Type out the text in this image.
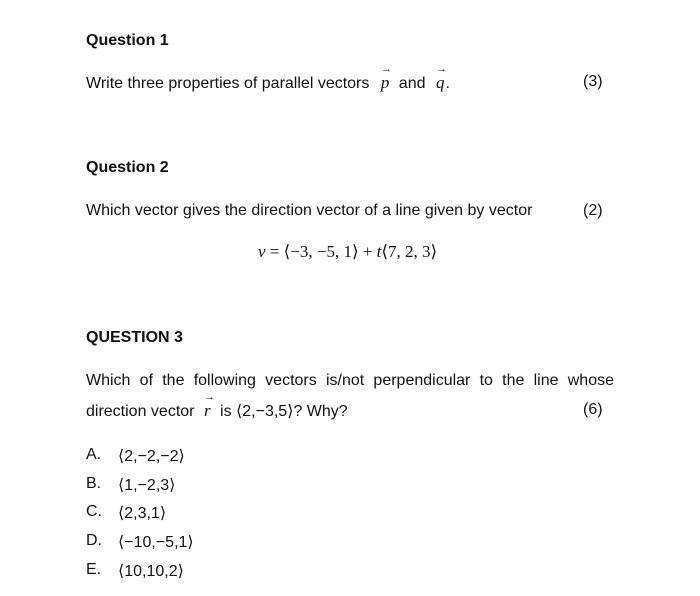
Question 1
Write three properties of parallel vectors
→
p and
→
q.	(3)
Question 2
Which vector gives the direction vector of a line given by vector	(2)
v = ⟨−3, −5, 1⟩ + t⟨7, 2, 3⟩
QUESTION 3
Which of the following vectors is/not perpendicular to the line whose
direction vector
→
r is ⟨2,−3,5⟩? Why?	(6)
A. ⟨2,−2,−2⟩
B. ⟨1,−2,3⟩
C. ⟨2,3,1⟩
D. ⟨−10,−5,1⟩
E. ⟨10,10,2⟩
